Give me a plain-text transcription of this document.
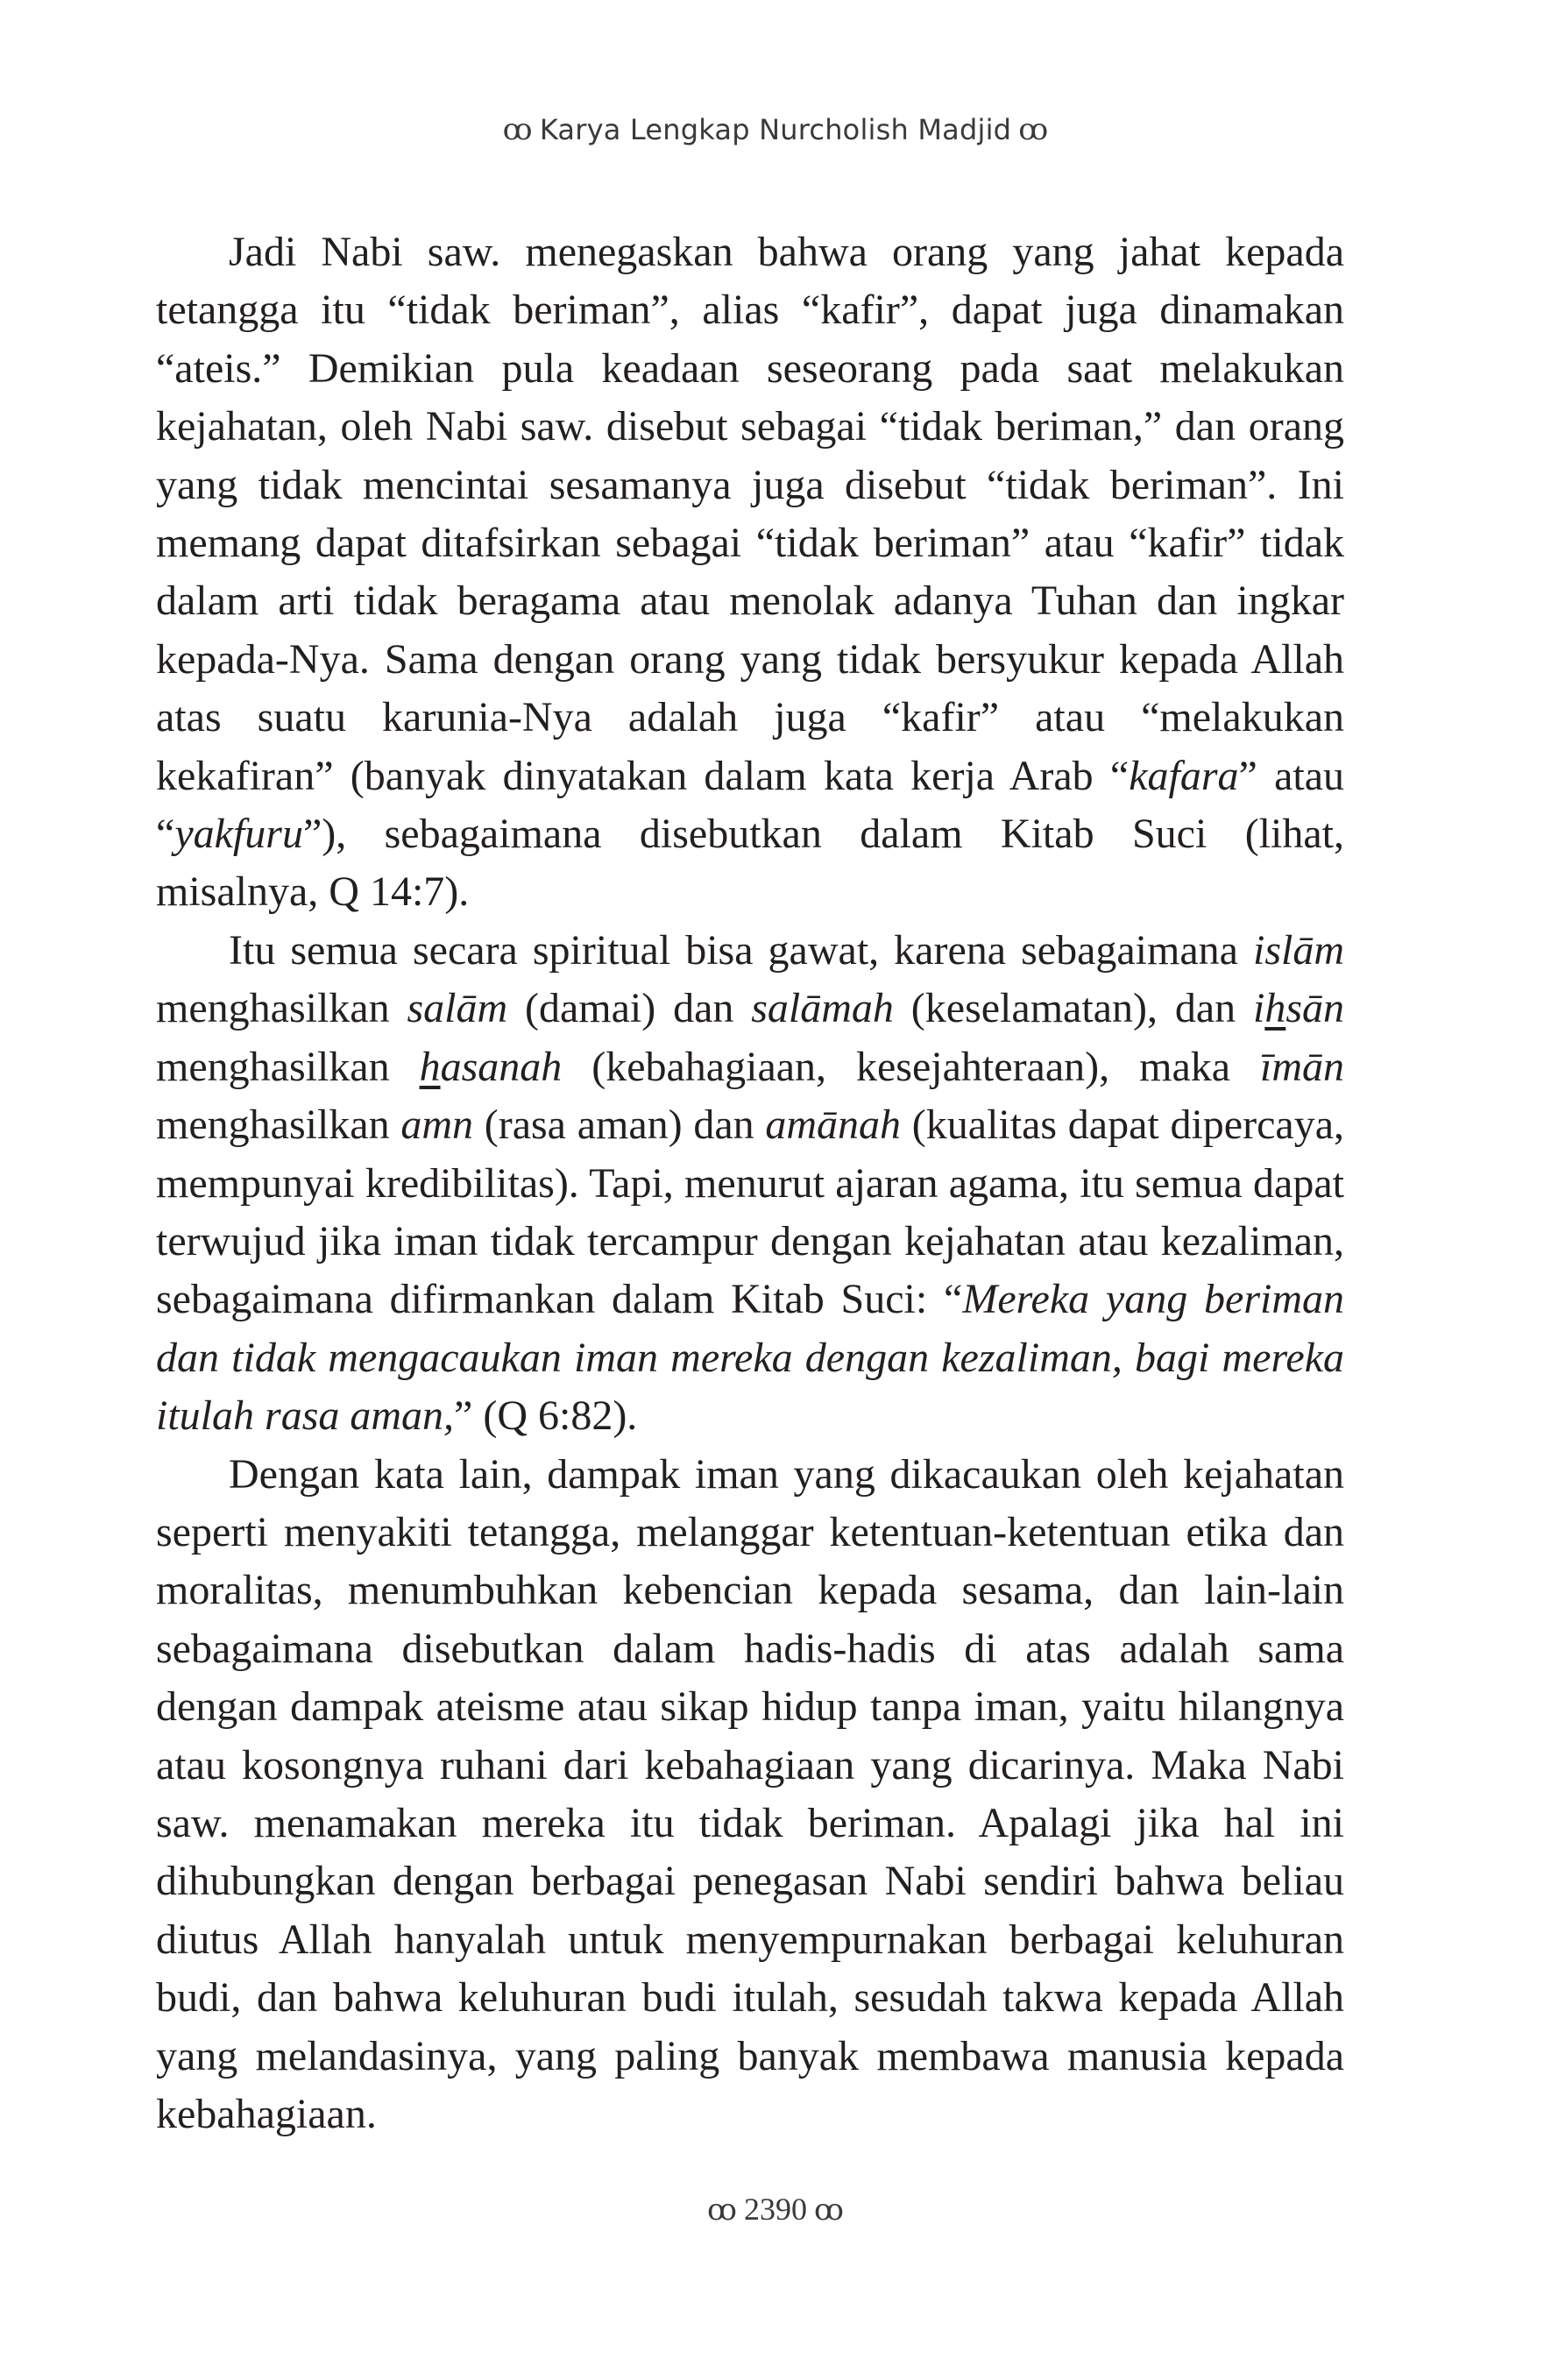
ꝏ Karya Lengkap Nurcholish Madjid ꝏ

Jadi Nabi saw. menegaskan bahwa orang yang jahat kepada tetangga itu “tidak beriman”, alias “kafir”, dapat juga dinamakan “ateis.” Demikian pula keadaan seseorang pada saat melakukan kejahatan, oleh Nabi saw. disebut sebagai “tidak beriman,” dan orang yang tidak mencintai sesamanya juga disebut “tidak beriman”. Ini memang dapat ditafsirkan sebagai “tidak beriman” atau “kafir” tidak dalam arti tidak beragama atau menolak adanya Tuhan dan ingkar kepada-Nya. Sama dengan orang yang tidak bersyukur kepada Allah atas suatu karunia-Nya adalah juga “kafir” atau “melakukan kekafiran” (banyak dinyatakan dalam kata kerja Arab “kafara” atau “yakfuru”), sebagaimana disebutkan dalam Kitab Suci (lihat, misalnya, Q 14:7).

Itu semua secara spiritual bisa gawat, karena sebagaimana islām menghasilkan salām (damai) dan salāmah (keselamatan), dan ihsān menghasilkan hasanah (kebahagiaan, kesejahteraan), maka īmān menghasilkan amn (rasa aman) dan amānah (kualitas dapat dipercaya, mempunyai kredibilitas). Tapi, menurut ajaran agama, itu semua dapat terwujud jika iman tidak tercampur dengan kejahatan atau kezaliman, sebagaimana difirmankan dalam Kitab Suci: “Mereka yang beriman dan tidak mengacaukan iman mereka dengan kezaliman, bagi mereka itulah rasa aman,” (Q 6:82).

Dengan kata lain, dampak iman yang dikacaukan oleh kejahatan seperti menyakiti tetangga, melanggar ketentuan-ketentuan etika dan moralitas, menumbuhkan kebencian kepada sesama, dan lain-lain sebagaimana disebutkan dalam hadis-hadis di atas adalah sama dengan dampak ateisme atau sikap hidup tanpa iman, yaitu hilangnya atau kosongnya ruhani dari kebahagiaan yang dicarinya. Maka Nabi saw. menamakan mereka itu tidak beriman. Apalagi jika hal ini dihubungkan dengan berbagai penegasan Nabi sendiri bahwa beliau diutus Allah hanyalah untuk menyempurnakan berbagai keluhuran budi, dan bahwa keluhuran budi itulah, sesudah takwa kepada Allah yang melandasinya, yang paling banyak membawa manusia kepada kebahagiaan.

ꝏ 2390 ꝏ
